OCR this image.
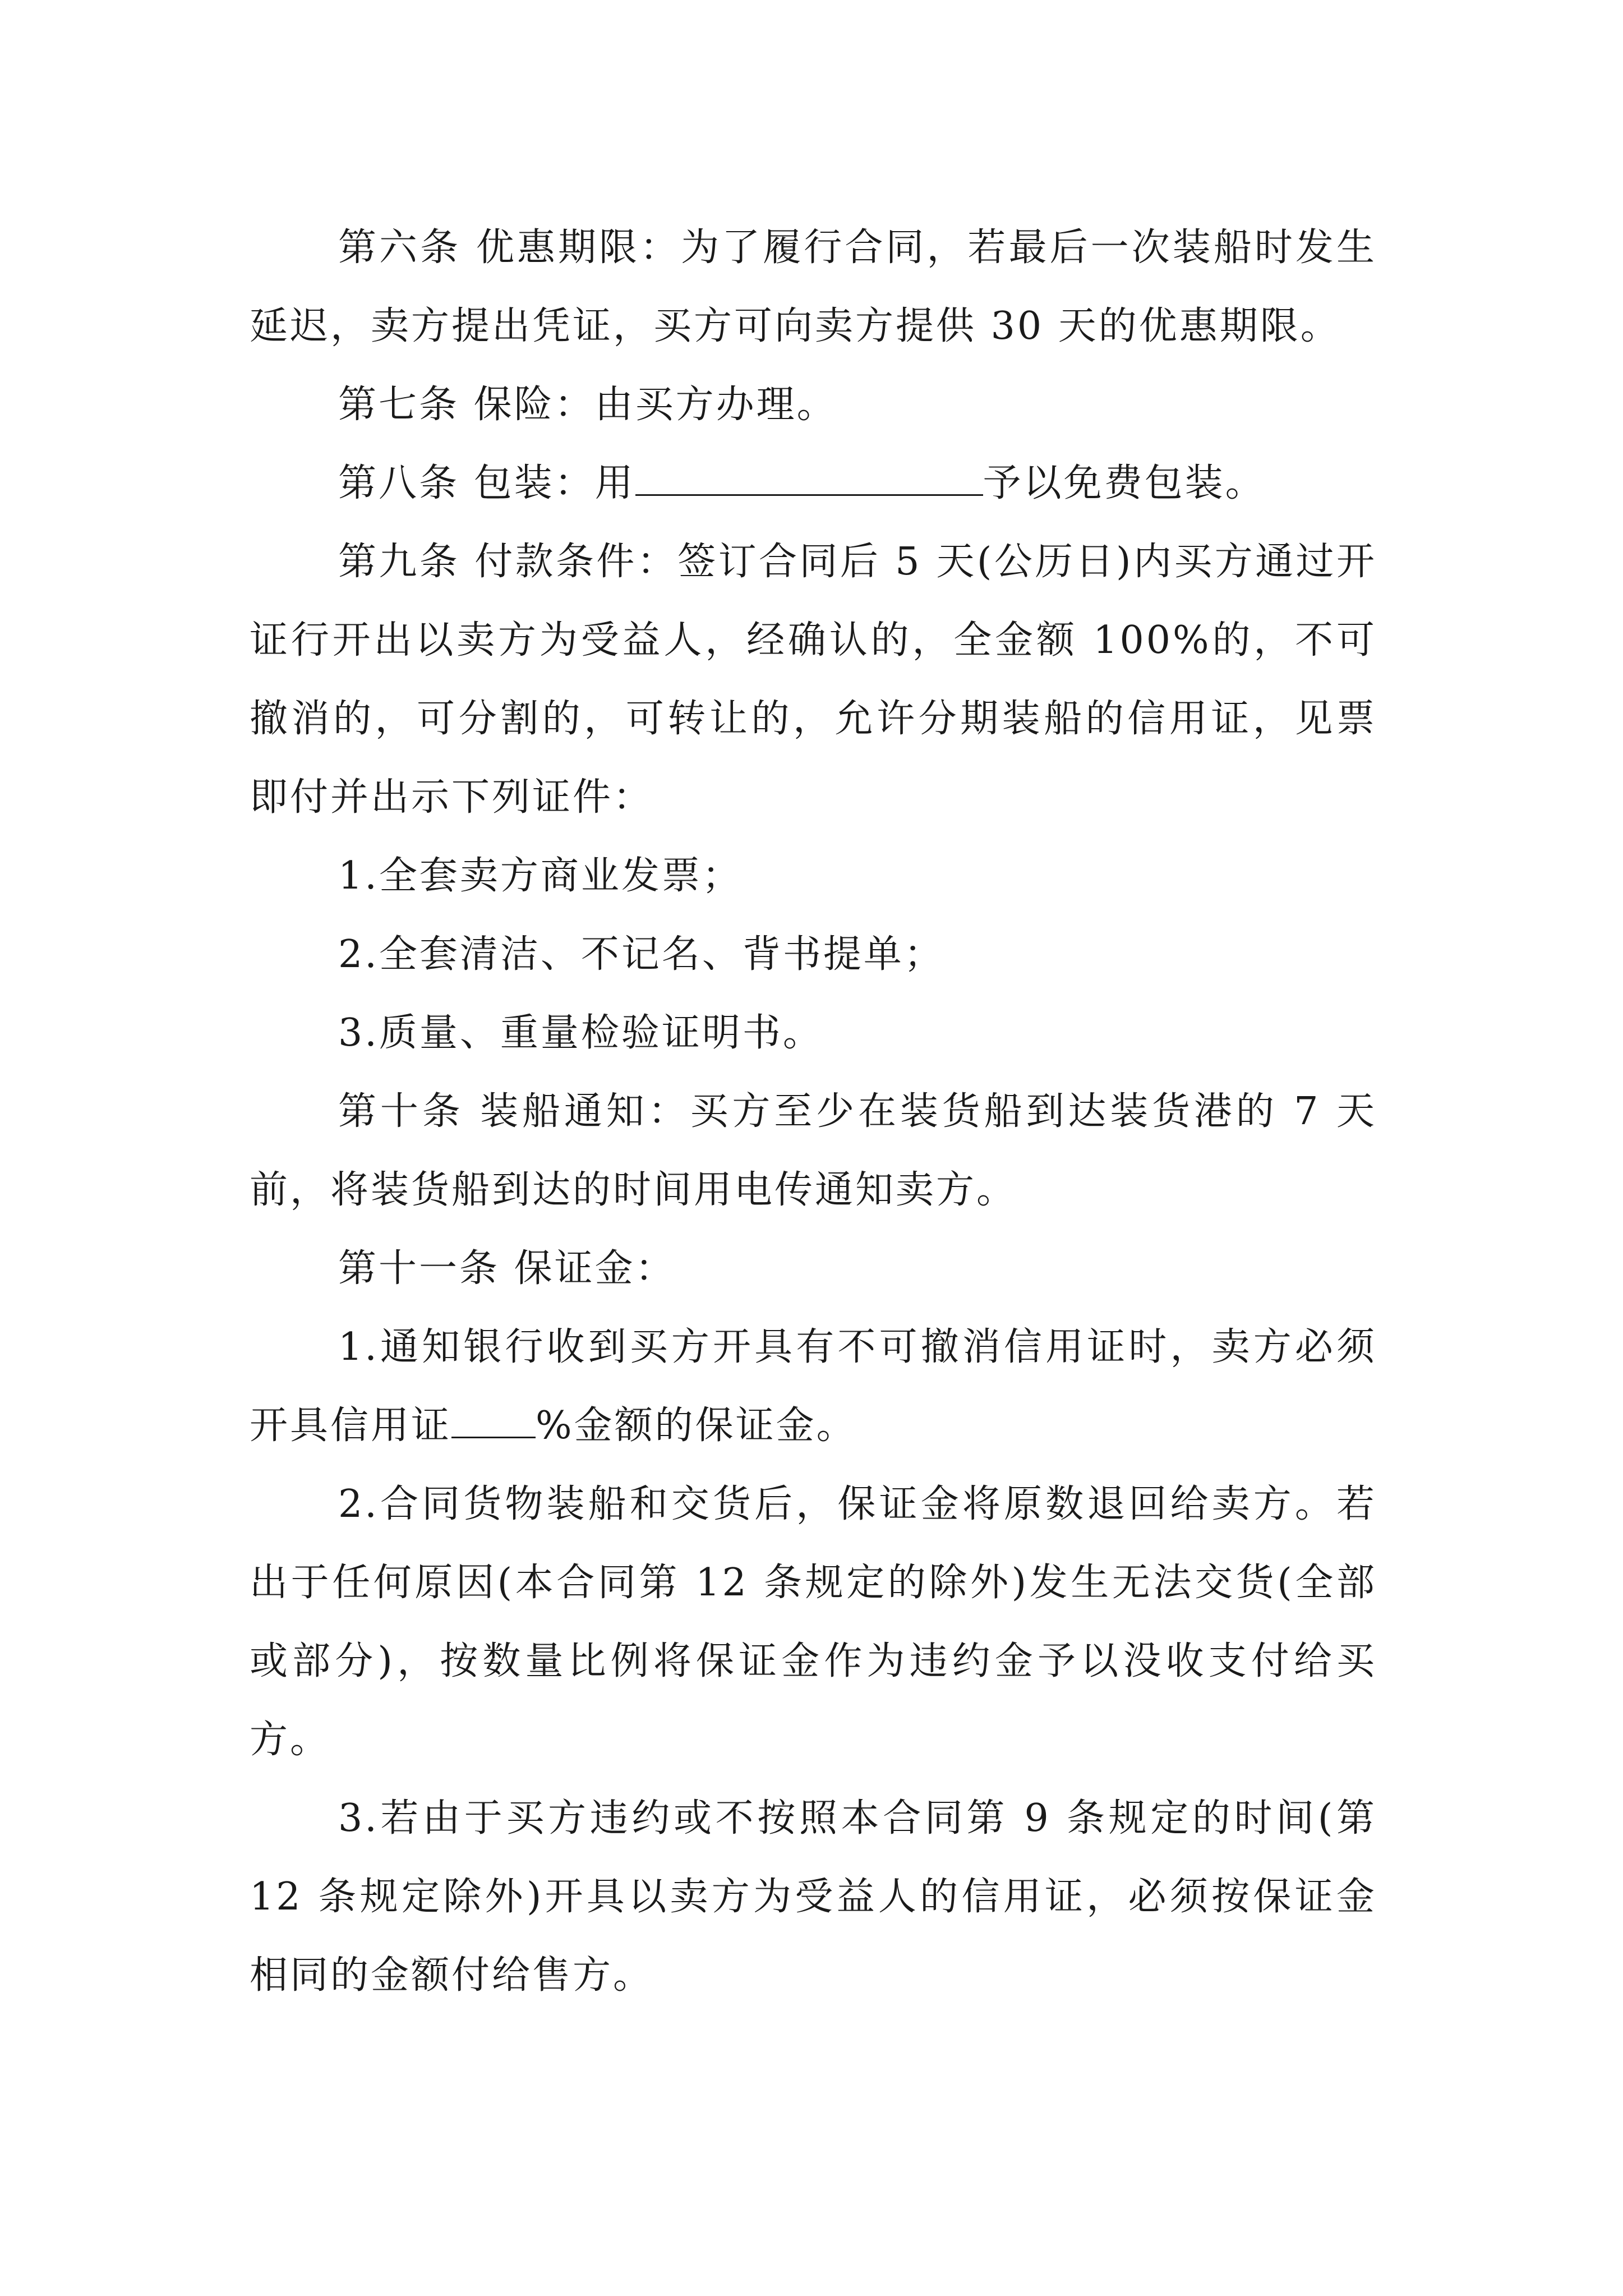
第六条 优惠期限：为了履行合同，若最后一次装船时发生延迟，卖方提出凭证，买方可向卖方提供 30 天的优惠期限。

第七条 保险：由买方办理。

第八条 包装：用	予以免费包装。

第九条 付款条件：签订合同后 5 天(公历日)内买方通过开证行开出以卖方为受益人，经确认的，全金额 100%的，不可撤消的，可分割的，可转让的，允许分期装船的信用证，见票即付并出示下列证件：

1.全套卖方商业发票；

2.全套清洁、不记名、背书提单；

3.质量、重量检验证明书。

第十条 装船通知：买方至少在装货船到达装货港的 7 天前，将装货船到达的时间用电传通知卖方。

第十一条 保证金：

1.通知银行收到买方开具有不可撤消信用证时，卖方必须开具信用证 %金额的保证金。

2.合同货物装船和交货后，保证金将原数退回给卖方。若出于任何原因(本合同第 12 条规定的除外)发生无法交货(全部或部分)，按数量比例将保证金作为违约金予以没收支付给买方。

3.若由于买方违约或不按照本合同第 9 条规定的时间(第 12 条规定除外)开具以卖方为受益人的信用证，必须按保证金相同的金额付给售方。
